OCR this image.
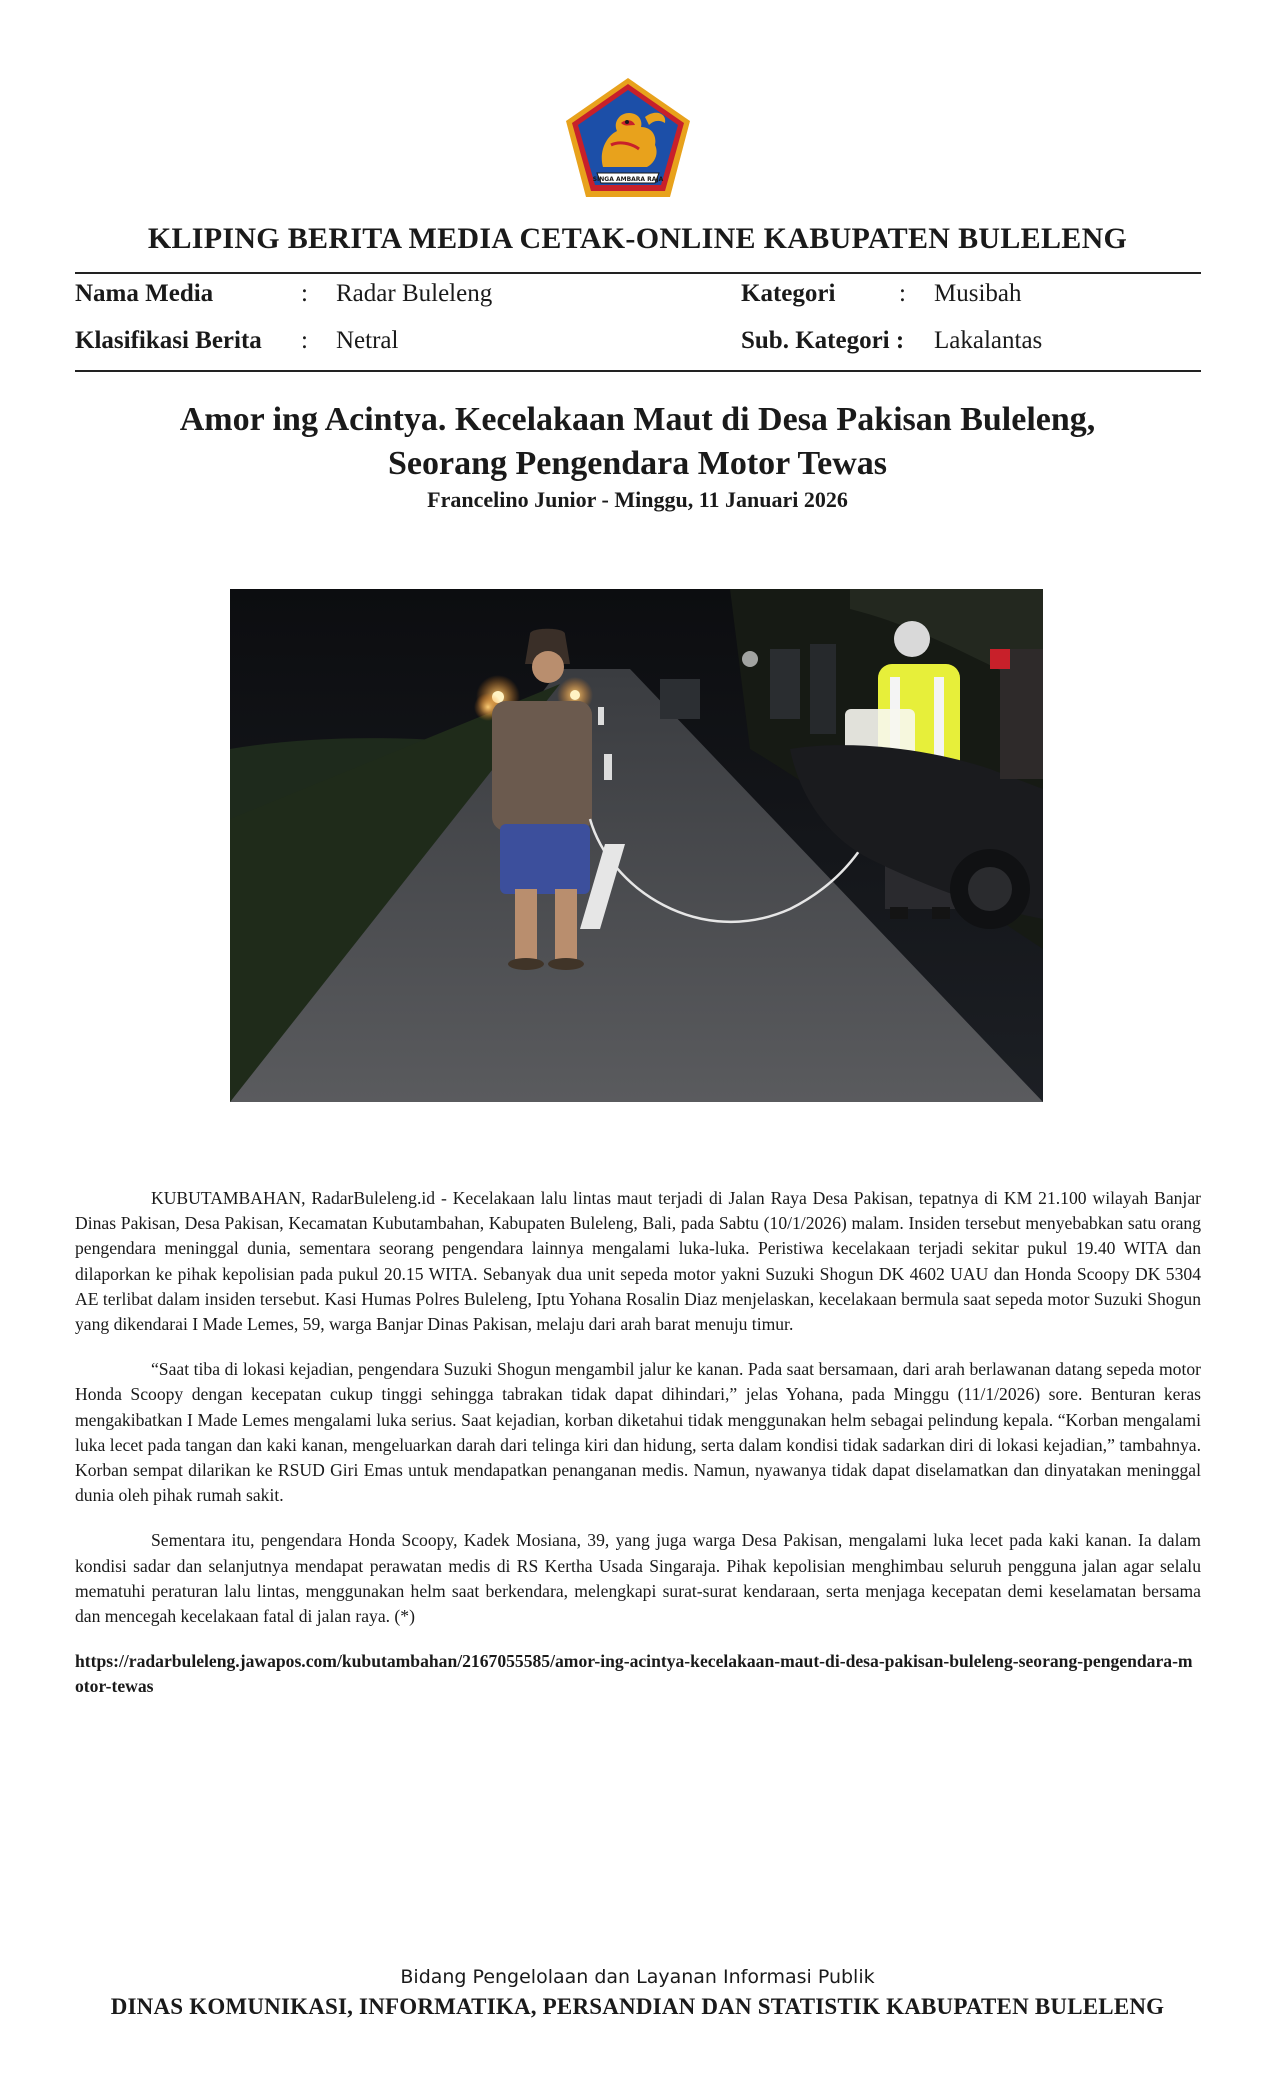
SINGA AMBARA RAJA
KLIPING BERITA MEDIA CETAK-ONLINE KABUPATEN BULELENG
Nama Media	: Radar Buleleng	Kategori	: Musibah
Klasifikasi Berita : Netral	Sub. Kategori : Lakalantas
Amor ing Acintya. Kecelakaan Maut di Desa Pakisan Buleleng,
Seorang Pengendara Motor Tewas
Francelino Junior - Minggu, 11 Januari 2026

KUBUTAMBAHAN, RadarBuleleng.id - Kecelakaan lalu lintas maut terjadi di Jalan Raya Desa Pakisan, tepatnya di KM 21.100 wilayah Banjar Dinas Pakisan, Desa Pakisan, Kecamatan Kubutambahan, Kabupaten Buleleng, Bali, pada Sabtu (10/1/2026) malam. Insiden tersebut menyebabkan satu orang pengendara meninggal dunia, sementara seorang pengendara lainnya mengalami luka-luka. Peristiwa kecelakaan terjadi sekitar pukul 19.40 WITA dan dilaporkan ke pihak kepolisian pada pukul 20.15 WITA. Sebanyak dua unit sepeda motor yakni Suzuki Shogun DK 4602 UAU dan Honda Scoopy DK 5304 AE terlibat dalam insiden tersebut. Kasi Humas Polres Buleleng, Iptu Yohana Rosalin Diaz menjelaskan, kecelakaan bermula saat sepeda motor Suzuki Shogun yang dikendarai I Made Lemes, 59, warga Banjar Dinas Pakisan, melaju dari arah barat menuju timur.

“Saat tiba di lokasi kejadian, pengendara Suzuki Shogun mengambil jalur ke kanan. Pada saat bersamaan, dari arah berlawanan datang sepeda motor Honda Scoopy dengan kecepatan cukup tinggi sehingga tabrakan tidak dapat dihindari,” jelas Yohana, pada Minggu (11/1/2026) sore. Benturan keras mengakibatkan I Made Lemes mengalami luka serius. Saat kejadian, korban diketahui tidak menggunakan helm sebagai pelindung kepala. “Korban mengalami luka lecet pada tangan dan kaki kanan, mengeluarkan darah dari telinga kiri dan hidung, serta dalam kondisi tidak sadarkan diri di lokasi kejadian,” tambahnya. Korban sempat dilarikan ke RSUD Giri Emas untuk mendapatkan penanganan medis. Namun, nyawanya tidak dapat diselamatkan dan dinyatakan meninggal dunia oleh pihak rumah sakit.

Sementara itu, pengendara Honda Scoopy, Kadek Mosiana, 39, yang juga warga Desa Pakisan, mengalami luka lecet pada kaki kanan. Ia dalam kondisi sadar dan selanjutnya mendapat perawatan medis di RS Kertha Usada Singaraja. Pihak kepolisian menghimbau seluruh pengguna jalan agar selalu mematuhi peraturan lalu lintas, menggunakan helm saat berkendara, melengkapi surat-surat kendaraan, serta menjaga kecepatan demi keselamatan bersama dan mencegah kecelakaan fatal di jalan raya. (*)

https://radarbuleleng.jawapos.com/kubutambahan/2167055585/amor-ing-acintya-kecelakaan-maut-di-desa-pakisan-buleleng-seorang-pengendara-motor-tewas
Bidang Pengelolaan dan Layanan Informasi Publik
DINAS KOMUNIKASI, INFORMATIKA, PERSANDIAN DAN STATISTIK KABUPATEN BULELENG
